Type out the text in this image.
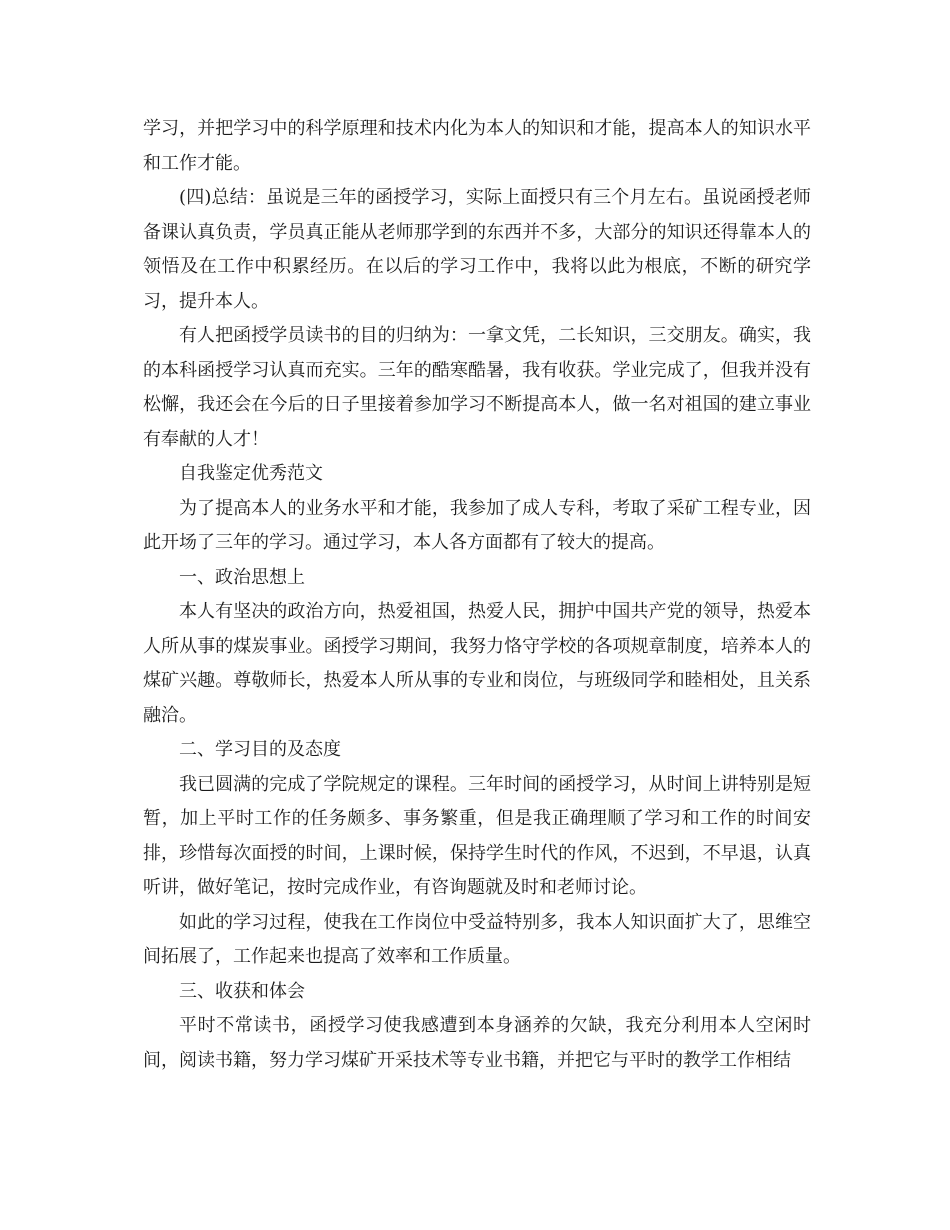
学习，并把学习中的科学原理和技术内化为本人的知识和才能，提高本人的知识水平和工作才能。

(四)总结：虽说是三年的函授学习，实际上面授只有三个月左右。虽说函授老师备课认真负责，学员真正能从老师那学到的东西并不多，大部分的知识还得靠本人的领悟及在工作中积累经历。在以后的学习工作中，我将以此为根底，不断的研究学习，提升本人。

有人把函授学员读书的目的归纳为：一拿文凭，二长知识，三交朋友。确实，我的本科函授学习认真而充实。三年的酷寒酷暑，我有收获。学业完成了，但我并没有松懈，我还会在今后的日子里接着参加学习不断提高本人，做一名对祖国的建立事业有奉献的人才！

自我鉴定优秀范文

为了提高本人的业务水平和才能，我参加了成人专科，考取了采矿工程专业，因此开场了三年的学习。通过学习，本人各方面都有了较大的提高。

一、政治思想上

本人有坚决的政治方向，热爱祖国，热爱人民，拥护中国共产党的领导，热爱本人所从事的煤炭事业。函授学习期间，我努力恪守学校的各项规章制度，培养本人的煤矿兴趣。尊敬师长，热爱本人所从事的专业和岗位，与班级同学和睦相处，且关系融洽。

二、学习目的及态度

我已圆满的完成了学院规定的课程。三年时间的函授学习，从时间上讲特别是短暂，加上平时工作的任务颇多、事务繁重，但是我正确理顺了学习和工作的时间安排，珍惜每次面授的时间，上课时候，保持学生时代的作风，不迟到，不早退，认真听讲，做好笔记，按时完成作业，有咨询题就及时和老师讨论。

如此的学习过程，使我在工作岗位中受益特别多，我本人知识面扩大了，思维空间拓展了，工作起来也提高了效率和工作质量。

三、收获和体会

平时不常读书，函授学习使我感遭到本身涵养的欠缺，我充分利用本人空闲时间，阅读书籍，努力学习煤矿开采技术等专业书籍，并把它与平时的教学工作相结
